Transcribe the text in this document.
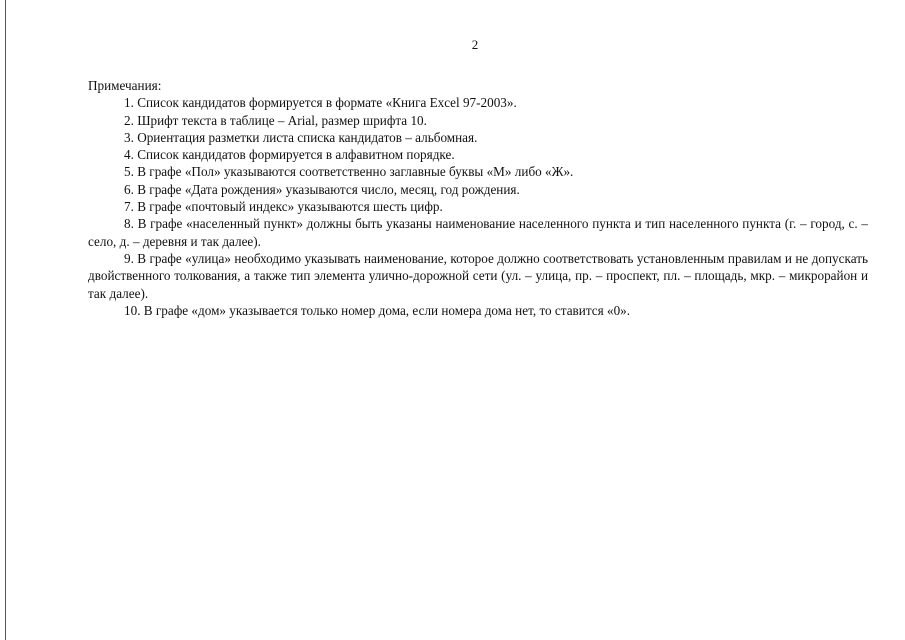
2

Примечания:

1. Список кандидатов формируется в формате «Книга Excel 97-2003».

2. Шрифт текста в таблице – Arial, размер шрифта 10.

3. Ориентация разметки листа списка кандидатов – альбомная.

4. Список кандидатов формируется в алфавитном порядке.

5. В графе «Пол» указываются соответственно заглавные буквы «М» либо «Ж».

6. В графе «Дата рождения» указываются число, месяц, год рождения.

7. В графе «почтовый индекс» указываются шесть цифр.

8. В графе «населенный пункт» должны быть указаны наименование населенного пункта и тип населенного пункта (г. – город, с. – село, д. – деревня и так далее).

9. В графе «улица» необходимо указывать наименование, которое должно соответствовать установленным правилам и не допускать двойственного толкования, а также тип элемента улично-дорожной сети (ул. – улица, пр. – проспект, пл. – площадь, мкр. – микрорайон и так далее).

10. В графе «дом» указывается только номер дома, если номера дома нет, то ставится «0».
